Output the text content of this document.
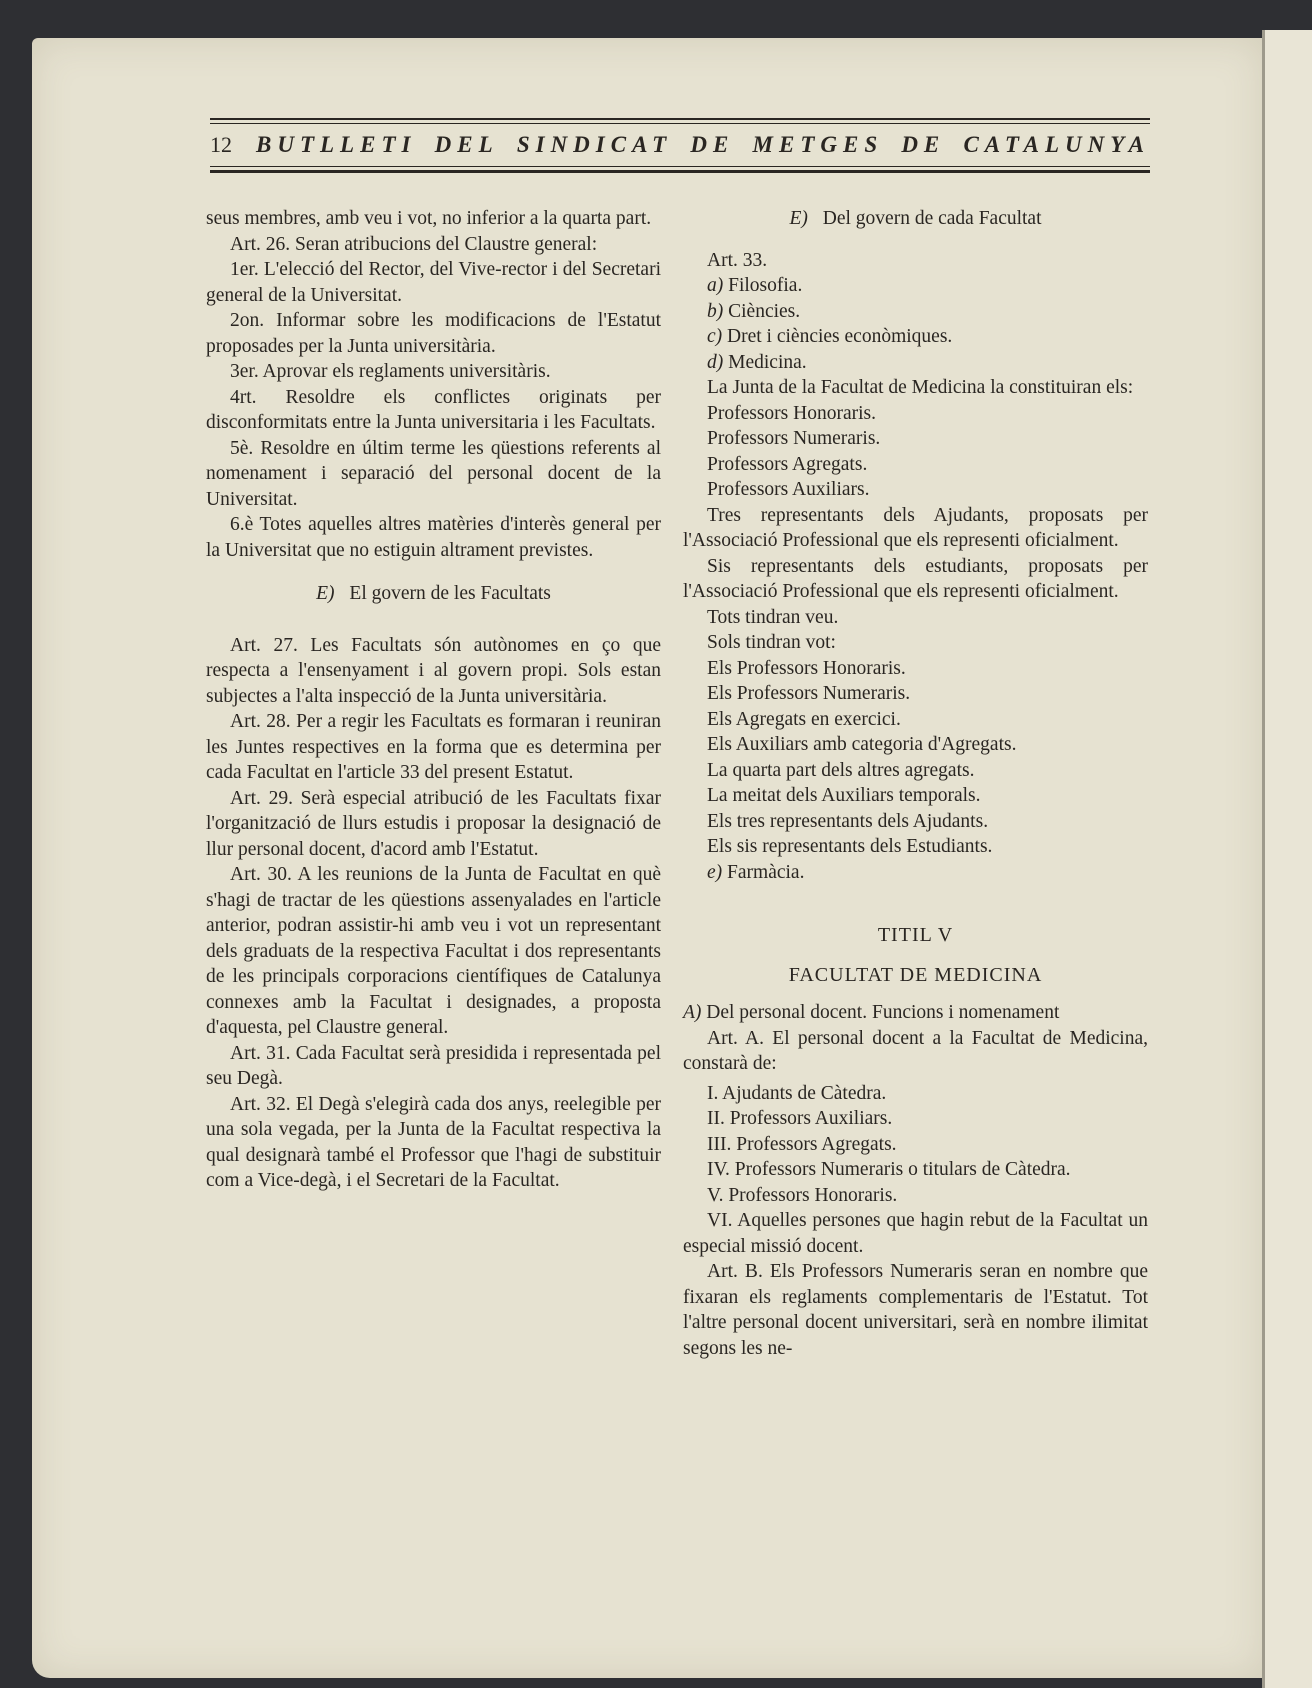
12 BUTLLETI DEL SINDICAT DE METGES DE CATALUNYA

seus membres, amb veu i vot, no inferior a la quarta part.

Art. 26. Seran atribucions del Claustre general:

1er. L'elecció del Rector, del Vive-rector i del Secretari general de la Universitat.

2on. Informar sobre les modificacions de l'Estatut proposades per la Junta universitària.

3er. Aprovar els reglaments universitàris.

4rt. Resoldre els conflictes originats per disconformitats entre la Junta universitaria i les Facultats.

5è. Resoldre en últim terme les qüestions referents al nomenament i separació del personal docent de la Universitat.

6.è Totes aquelles altres matèries d'interès general per la Universitat que no estiguin altrament previstes.

E) El govern de les Facultats

Art. 27. Les Facultats són autònomes en ço que respecta a l'ensenyament i al govern propi. Sols estan subjectes a l'alta inspecció de la Junta universitària.

Art. 28. Per a regir les Facultats es formaran i reuniran les Juntes respectives en la forma que es determina per cada Facultat en l'article 33 del present Estatut.

Art. 29. Serà especial atribució de les Facultats fixar l'organització de llurs estudis i proposar la designació de llur personal docent, d'acord amb l'Estatut.

Art. 30. A les reunions de la Junta de Facultat en què s'hagi de tractar de les qüestions assenyalades en l'article anterior, podran assistir-hi amb veu i vot un representant dels graduats de la respectiva Facultat i dos representants de les principals corporacions científiques de Catalunya connexes amb la Facultat i designades, a proposta d'aquesta, pel Claustre general.

Art. 31. Cada Facultat serà presidida i representada pel seu Degà.

Art. 32. El Degà s'elegirà cada dos anys, reelegible per una sola vegada, per la Junta de la Facultat respectiva la qual designarà també el Professor que l'hagi de substituir com a Vice-degà, i el Secretari de la Facultat.

E) Del govern de cada Facultat

Art. 33.

a) Filosofia.

b) Ciències.

c) Dret i ciències econòmiques.

d) Medicina.

La Junta de la Facultat de Medicina la constituiran els:

Professors Honoraris.

Professors Numeraris.

Professors Agregats.

Professors Auxiliars.

Tres representants dels Ajudants, proposats per l'Associació Professional que els representi oficialment.

Sis representants dels estudiants, proposats per l'Associació Professional que els representi oficialment.

Tots tindran veu.

Sols tindran vot:

Els Professors Honoraris.

Els Professors Numeraris.

Els Agregats en exercici.

Els Auxiliars amb categoria d'Agregats.

La quarta part dels altres agregats.

La meitat dels Auxiliars temporals.

Els tres representants dels Ajudants.

Els sis representants dels Estudiants.

e) Farmàcia.

TITIL V
FACULTAT DE MEDICINA

A) Del personal docent. Funcions i nomenament

Art. A. El personal docent a la Facultat de Medicina, constarà de:

I. Ajudants de Càtedra.

II. Professors Auxiliars.

III. Professors Agregats.

IV. Professors Numeraris o titulars de Càtedra.

V. Professors Honoraris.

VI. Aquelles persones que hagin rebut de la Facultat un especial missió docent.

Art. B. Els Professors Numeraris seran en nombre que fixaran els reglaments complementaris de l'Estatut. Tot l'altre personal docent universitari, serà en nombre ilimitat segons les ne-
